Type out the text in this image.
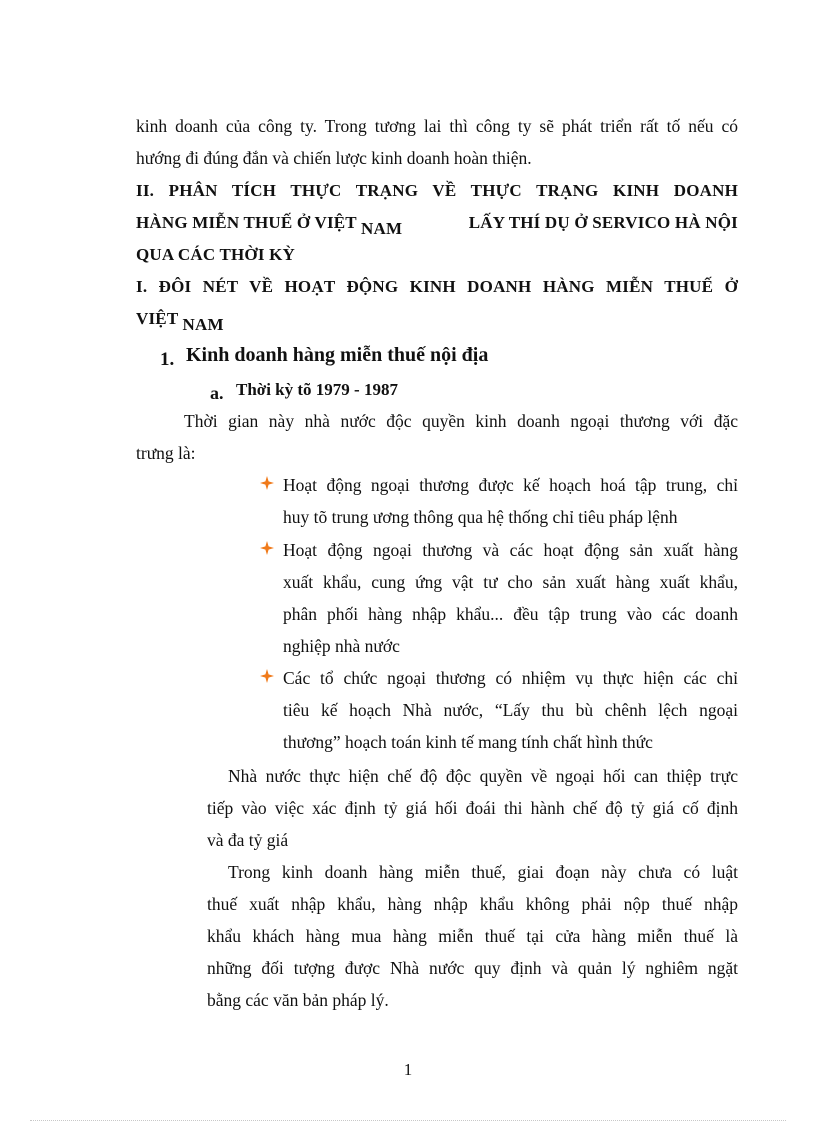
kinh doanh của công ty. Trong tương lai thì công ty sẽ phát triển rất tố nếu có
hướng đi đúng đắn và chiến lược kinh doanh hoàn thiện.
II. PHÂN TÍCH THỰC TRẠNG VỀ THỰC TRẠNG KINH DOANH
HÀNG MIỄN THUẾ Ở VIỆT NAM	LẤY THÍ DỤ Ở SERVICO HÀ NỘI
QUA CÁC THỜI KỲ
I. ĐÔI NÉT VỀ HOẠT ĐỘNG KINH DOANH HÀNG MIỄN THUẾ Ở
VIỆT NAM
1. Kinh doanh hàng miễn thuế nội địa
a. Thời kỳ tõ 1979 - 1987
Thời gian này nhà nước độc quyền kinh doanh ngoại thương với đặc
trưng là:
Hoạt động ngoại thương được kế hoạch hoá tập trung, chỉ
huy tõ trung ương thông qua hệ thống chỉ tiêu pháp lệnh
Hoạt động ngoại thương và các hoạt động sản xuất hàng
xuất khẩu, cung ứng vật tư cho sản xuất hàng xuất khẩu,
phân phối hàng nhập khẩu... đều tập trung vào các doanh
nghiệp nhà nước
Các tổ chức ngoại thương có nhiệm vụ thực hiện các chỉ
tiêu kế hoạch Nhà nước, “Lấy thu bù chênh lệch ngoại
thương” hoạch toán kinh tế mang tính chất hình thức
Nhà nước thực hiện chế độ độc quyền về ngoại hối can thiệp trực
tiếp vào việc xác định tỷ giá hối đoái thi hành chế độ tỷ giá cố định
và đa tỷ giá
Trong kinh doanh hàng miễn thuế, giai đoạn này chưa có luật
thuế xuất nhập khẩu, hàng nhập khẩu không phải nộp thuế nhập
khẩu khách hàng mua hàng miễn thuế tại cửa hàng miễn thuế là
những đối tượng được Nhà nước quy định và quản lý nghiêm ngặt
bằng các văn bản pháp lý.
1
